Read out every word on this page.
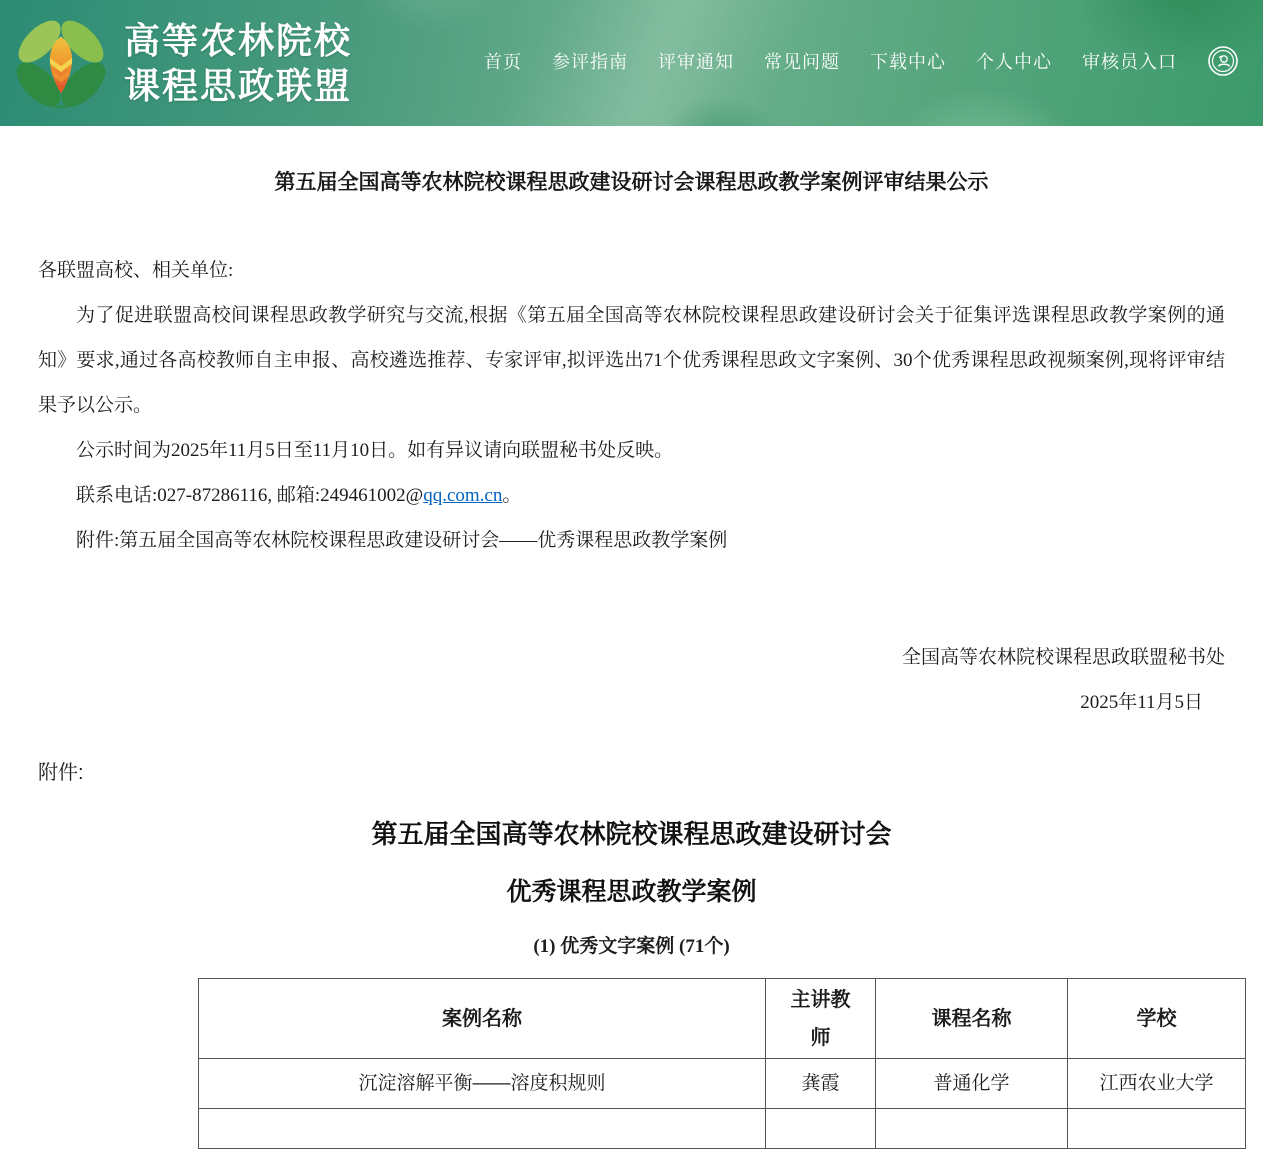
高等农林院校
课程思政联盟
首页 参评指南 评审通知 常见问题 下载中心 个人中心 审核员入口
第五届全国高等农林院校课程思政建设研讨会课程思政教学案例评审结果公示

各联盟高校、相关单位:

为了促进联盟高校间课程思政教学研究与交流,根据《第五届全国高等农林院校课程思政建设研讨会关于征集评选课程思政教学案例的通知》要求,通过各高校教师自主申报、高校遴选推荐、专家评审,拟评选出71个优秀课程思政文字案例、30个优秀课程思政视频案例,现将评审结果予以公示。

公示时间为2025年11月5日至11月10日。如有异议请向联盟秘书处反映。

联系电话:027-87286116, 邮箱:249461002@qq.com.cn。

附件:第五届全国高等农林院校课程思政建设研讨会——优秀课程思政教学案例

全国高等农林院校课程思政联盟秘书处
2025年11月5日
附件:
第五届全国高等农林院校课程思政建设研讨会
优秀课程思政教学案例
(1) 优秀文字案例 (71个)
案例名称	主讲教师	课程名称	学校
沉淀溶解平衡——溶度积规则	龚霞	普通化学	江西农业大学
